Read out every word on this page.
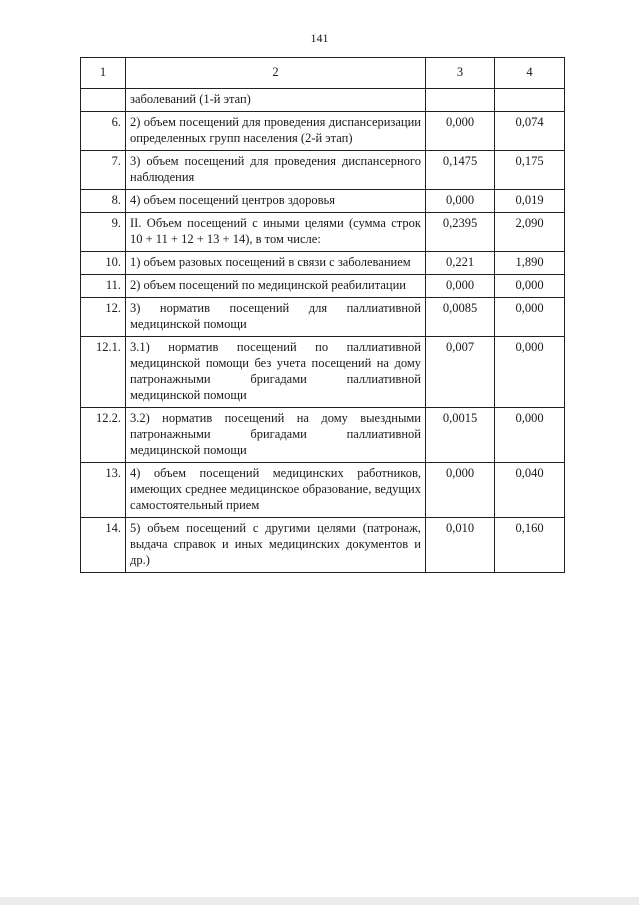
141
1	2	3	4
	заболеваний (1-й этап)		
6.	2) объем посещений для проведения диспансеризации определенных групп населения (2-й этап)	0,000	0,074
7.	3) объем посещений для проведения диспансерного наблюдения	0,1475	0,175
8.	4) объем посещений центров здоровья	0,000	0,019
9.	II. Объем посещений с иными целями (сумма строк 10 + 11 + 12 + 13 + 14), в том числе:	0,2395	2,090
10.	1) объем разовых посещений в связи с заболеванием	0,221	1,890
11.	2) объем посещений по медицинской реабилитации	0,000	0,000
12.	3) норматив посещений для паллиативной медицинской помощи	0,0085	0,000
12.1.	3.1) норматив посещений по паллиативной медицинской помощи без учета посещений на дому патронажными бригадами паллиативной медицинской помощи	0,007	0,000
12.2.	3.2) норматив посещений на дому выездными патронажными бригадами паллиативной медицинской помощи	0,0015	0,000
13.	4) объем посещений медицинских работников, имеющих среднее медицинское образование, ведущих самостоятельный прием	0,000	0,040
14.	5) объем посещений с другими целями (патронаж, выдача справок и иных медицинских документов и др.)	0,010	0,160
